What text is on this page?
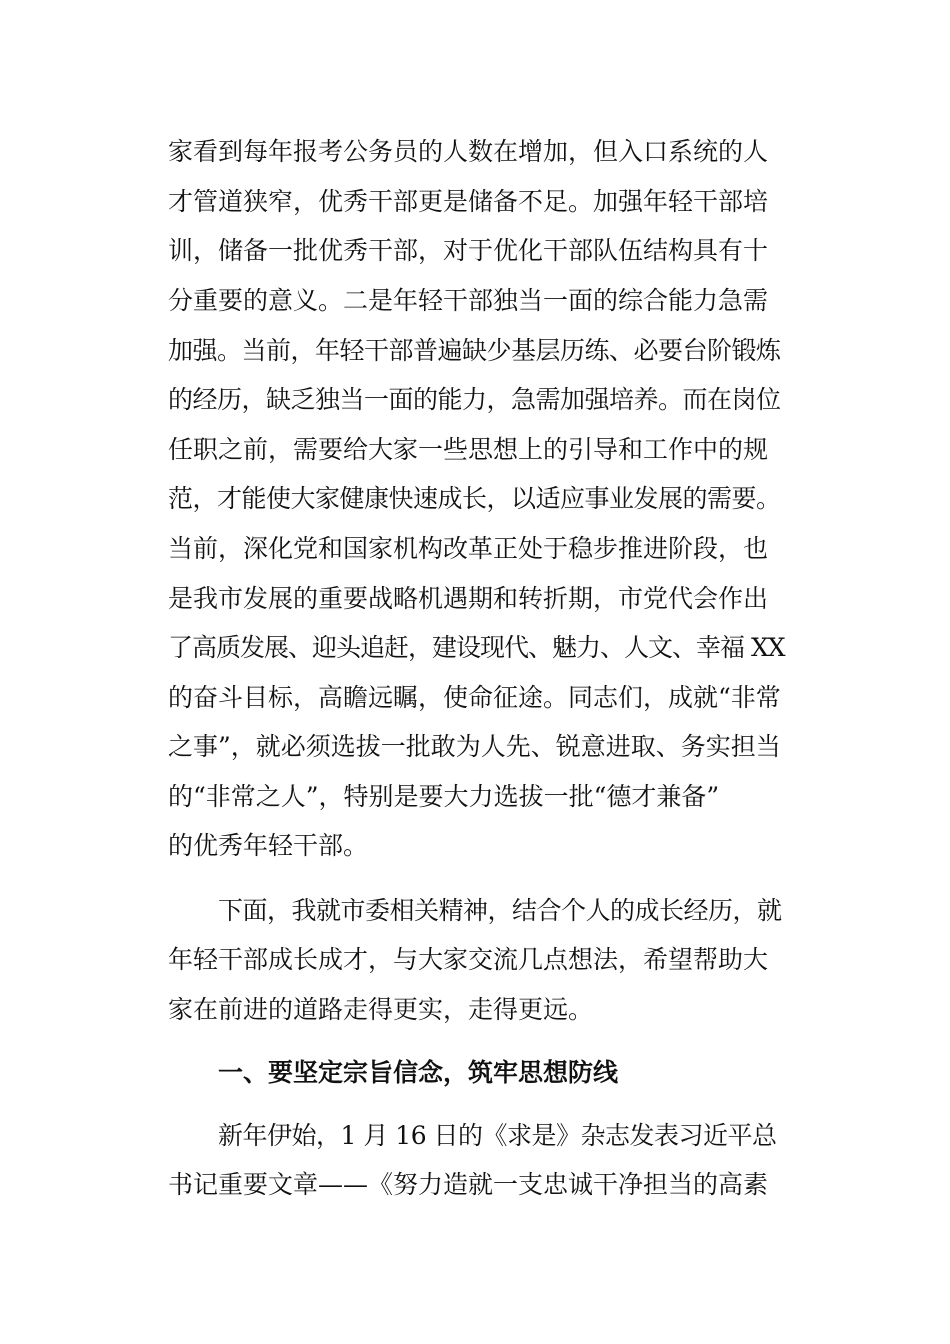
家看到每年报考公务员的人数在增加，但入口系统的人
才管道狭窄，优秀干部更是储备不足。加强年轻干部培
训，储备一批优秀干部，对于优化干部队伍结构具有十
分重要的意义。二是年轻干部独当一面的综合能力急需
加强。当前，年轻干部普遍缺少基层历练、必要台阶锻炼
的经历，缺乏独当一面的能力，急需加强培养。而在岗位
任职之前，需要给大家一些思想上的引导和工作中的规
范，才能使大家健康快速成长，以适应事业发展的需要。
当前，深化党和国家机构改革正处于稳步推进阶段，也
是我市发展的重要战略机遇期和转折期，市党代会作出
了高质发展、迎头追赶，建设现代、魅力、人文、幸福 XX
的奋斗目标，高瞻远瞩，使命征途。同志们，成就“非常
之事”，就必须选拔一批敢为人先、锐意进取、务实担当
的“非常之人”，特别是要大力选拔一批“德才兼备”
的优秀年轻干部。
下面，我就市委相关精神，结合个人的成长经历，就
年轻干部成长成才，与大家交流几点想法，希望帮助大
家在前进的道路走得更实，走得更远。
一、要坚定宗旨信念，筑牢思想防线
新年伊始，1 月 16 日的《求是》杂志发表习近平总
书记重要文章——《努力造就一支忠诚干净担当的高素
